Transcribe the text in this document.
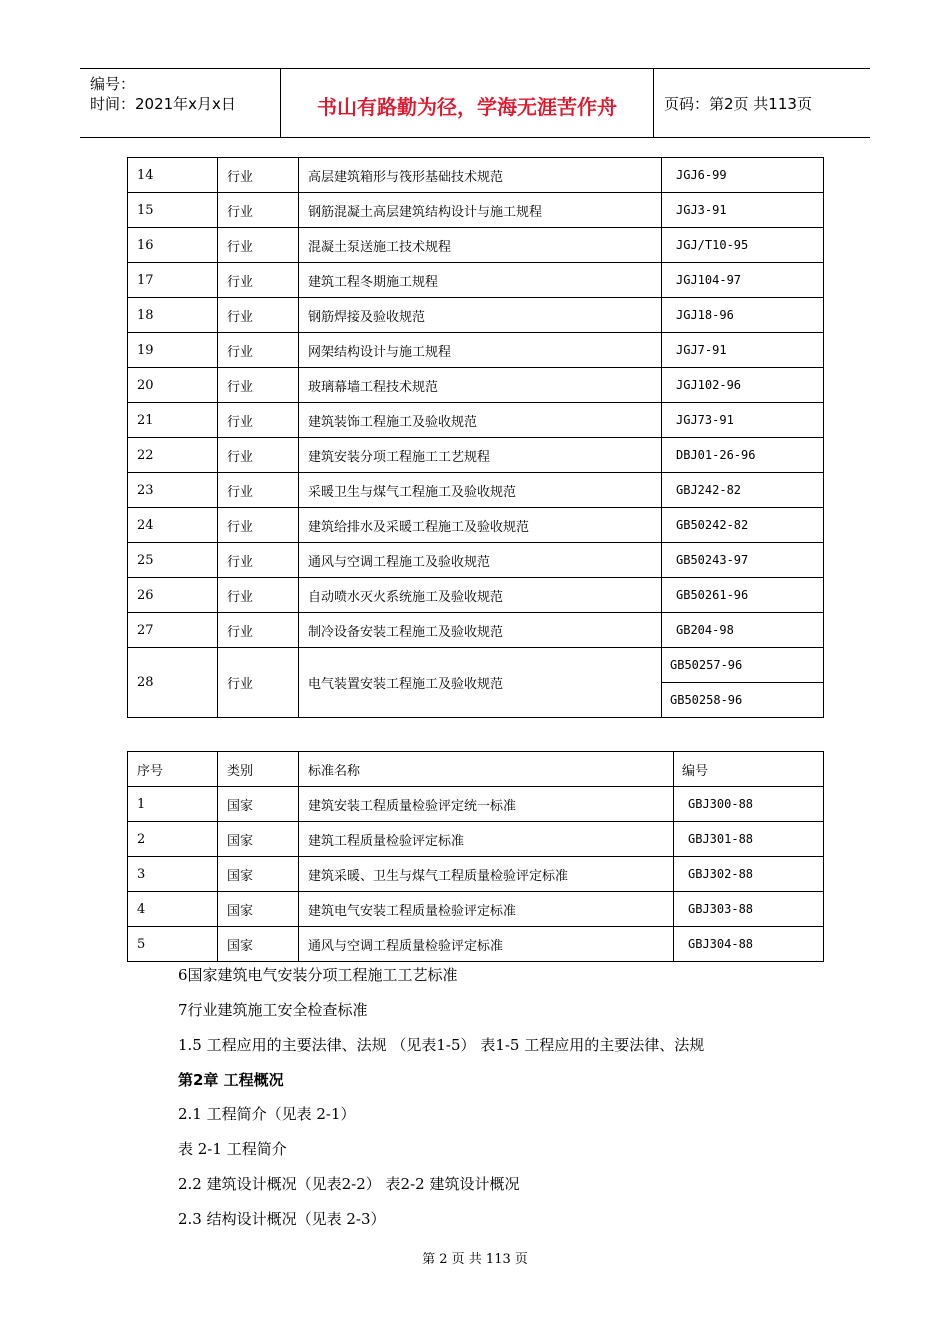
编号：
时间：2021年x月x日	书山有路勤为径，学海无涯苦作舟	页码：第2页 共113页
14	行业	高层建筑箱形与筏形基础技术规范	JGJ6-99
15	行业	钢筋混凝土高层建筑结构设计与施工规程	JGJ3-91
16	行业	混凝土泵送施工技术规程	JGJ/T10-95
17	行业	建筑工程冬期施工规程	JGJ104-97
18	行业	钢筋焊接及验收规范	JGJ18-96
19	行业	网架结构设计与施工规程	JGJ7-91
20	行业	玻璃幕墙工程技术规范	JGJ102-96
21	行业	建筑装饰工程施工及验收规范	JGJ73-91
22	行业	建筑安装分项工程施工工艺规程	DBJ01-26-96
23	行业	采暖卫生与煤气工程施工及验收规范	GBJ242-82
24	行业	建筑给排水及采暖工程施工及验收规范	GB50242-82
25	行业	通风与空调工程施工及验收规范	GB50243-97
26	行业	自动喷水灭火系统施工及验收规范	GB50261-96
27	行业	制冷设备安装工程施工及验收规范	GB204-98
28	行业	电气装置安装工程施工及验收规范	GB50257-96
			GB50258-96
序号	类别	标准名称	编号
1	国家	建筑安装工程质量检验评定统一标准	GBJ300-88
2	国家	建筑工程质量检验评定标准	GBJ301-88
3	国家	建筑采暖、卫生与煤气工程质量检验评定标准	GBJ302-88
4	国家	建筑电气安装工程质量检验评定标准	GBJ303-88
5	国家	通风与空调工程质量检验评定标准	GBJ304-88
6国家建筑电气安装分项工程施工工艺标准
7行业建筑施工安全检查标准
1.5 工程应用的主要法律、法规 （见表1-5） 表1-5 工程应用的主要法律、法规
第2章 工程概况
2.1 工程简介（见表 2-1）
表 2-1 工程简介
2.2 建筑设计概况（见表2-2） 表2-2 建筑设计概况
2.3 结构设计概况（见表 2-3）
第 2 页 共 113 页
